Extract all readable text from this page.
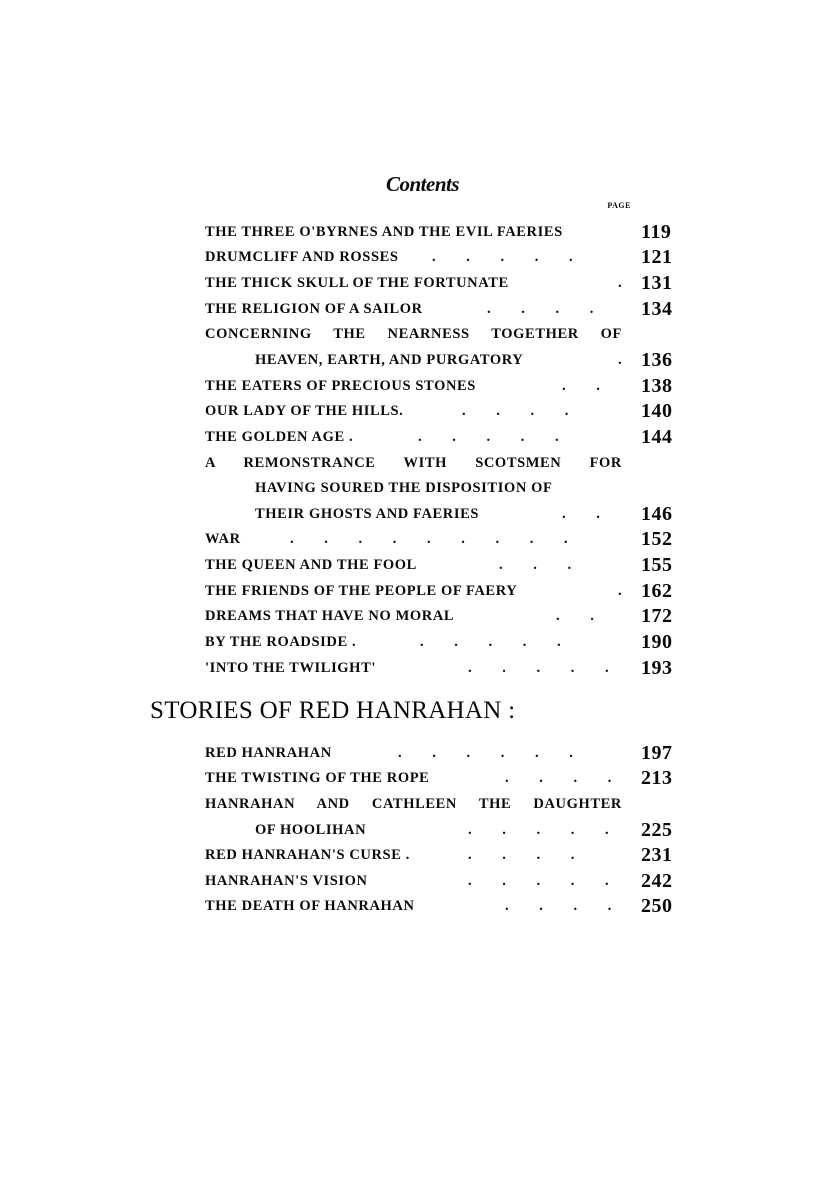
Contents
PAGE
THE THREE O'BYRNES AND THE EVIL FAERIES	119
DRUMCLIFF AND ROSSES . . . . .	121
THE THICK SKULL OF THE FORTUNATE	. 131
THE RELIGION OF A SAILOR	. . . . 134
CONCERNING THE NEARNESS TOGETHER OF
HEAVEN, EARTH, AND PURGATORY	. 136
THE EATERS OF PRECIOUS STONES	. . 138
OUR LADY OF THE HILLS.	. . . .	140
THE GOLDEN AGE .	. . . . .	144
A REMONSTRANCE WITH SCOTSMEN FOR
HAVING SOURED THE DISPOSITION OF
THEIR GHOSTS AND FAERIES	. . 146
WAR	. . . . . . . . .	152
THE QUEEN AND THE FOOL	. . .	155
THE FRIENDS OF THE PEOPLE OF FAERY	. 162
DREAMS THAT HAVE NO MORAL	. . 172
BY THE ROADSIDE .	. . . . .	190
'INTO THE TWILIGHT'	. . . . . 193
STORIES OF RED HANRAHAN :
RED HANRAHAN	. . . . . .	197
THE TWISTING OF THE ROPE	. . . . 213
HANRAHAN AND CATHLEEN THE DAUGHTER
OF HOOLIHAN	. . . . . 225
RED HANRAHAN'S CURSE .	. . . .	231
HANRAHAN'S VISION	. . . . . 242
THE DEATH OF HANRAHAN	. . . . 250
